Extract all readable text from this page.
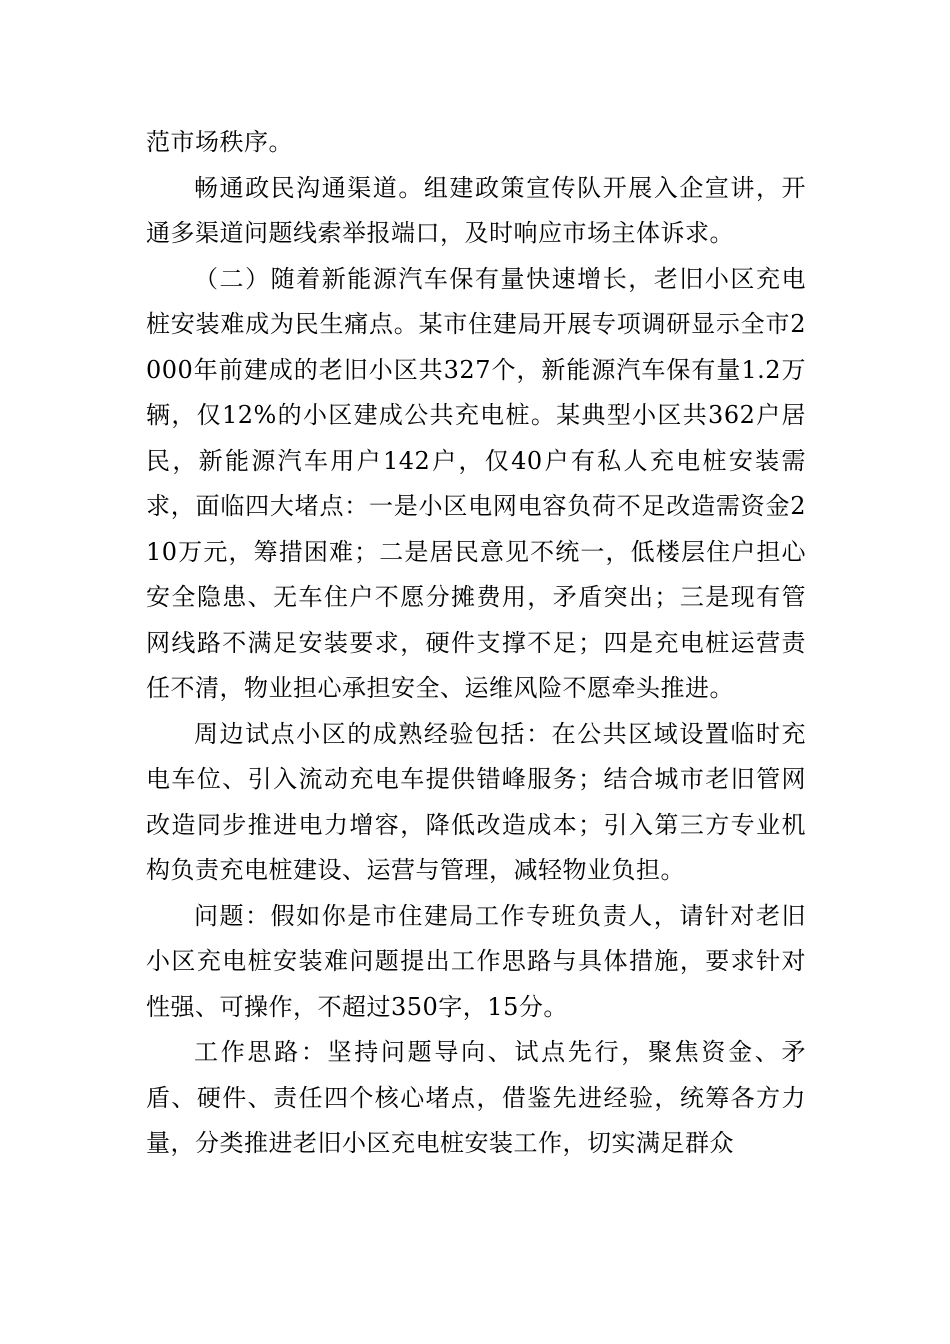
范市场秩序。

畅通政民沟通渠道。组建政策宣传队开展入企宣讲，开通多渠道问题线索举报端口，及时响应市场主体诉求。

（二）随着新能源汽车保有量快速增长，老旧小区充电桩安装难成为民生痛点。某市住建局开展专项调研显示全市2000年前建成的老旧小区共327个，新能源汽车保有量1.2万辆，仅12%的小区建成公共充电桩。某典型小区共362户居民，新能源汽车用户142户，仅40户有私人充电桩安装需求，面临四大堵点：一是小区电网电容负荷不足改造需资金210万元，筹措困难；二是居民意见不统一，低楼层住户担心安全隐患、无车住户不愿分摊费用，矛盾突出；三是现有管网线路不满足安装要求，硬件支撑不足；四是充电桩运营责任不清，物业担心承担安全、运维风险不愿牵头推进。

周边试点小区的成熟经验包括：在公共区域设置临时充电车位、引入流动充电车提供错峰服务；结合城市老旧管网改造同步推进电力增容，降低改造成本；引入第三方专业机构负责充电桩建设、运营与管理，减轻物业负担。

问题：假如你是市住建局工作专班负责人，请针对老旧小区充电桩安装难问题提出工作思路与具体措施，要求针对性强、可操作，不超过350字，15分。

工作思路：坚持问题导向、试点先行，聚焦资金、矛盾、硬件、责任四个核心堵点，借鉴先进经验，统筹各方力量，分类推进老旧小区充电桩安装工作，切实满足群众
